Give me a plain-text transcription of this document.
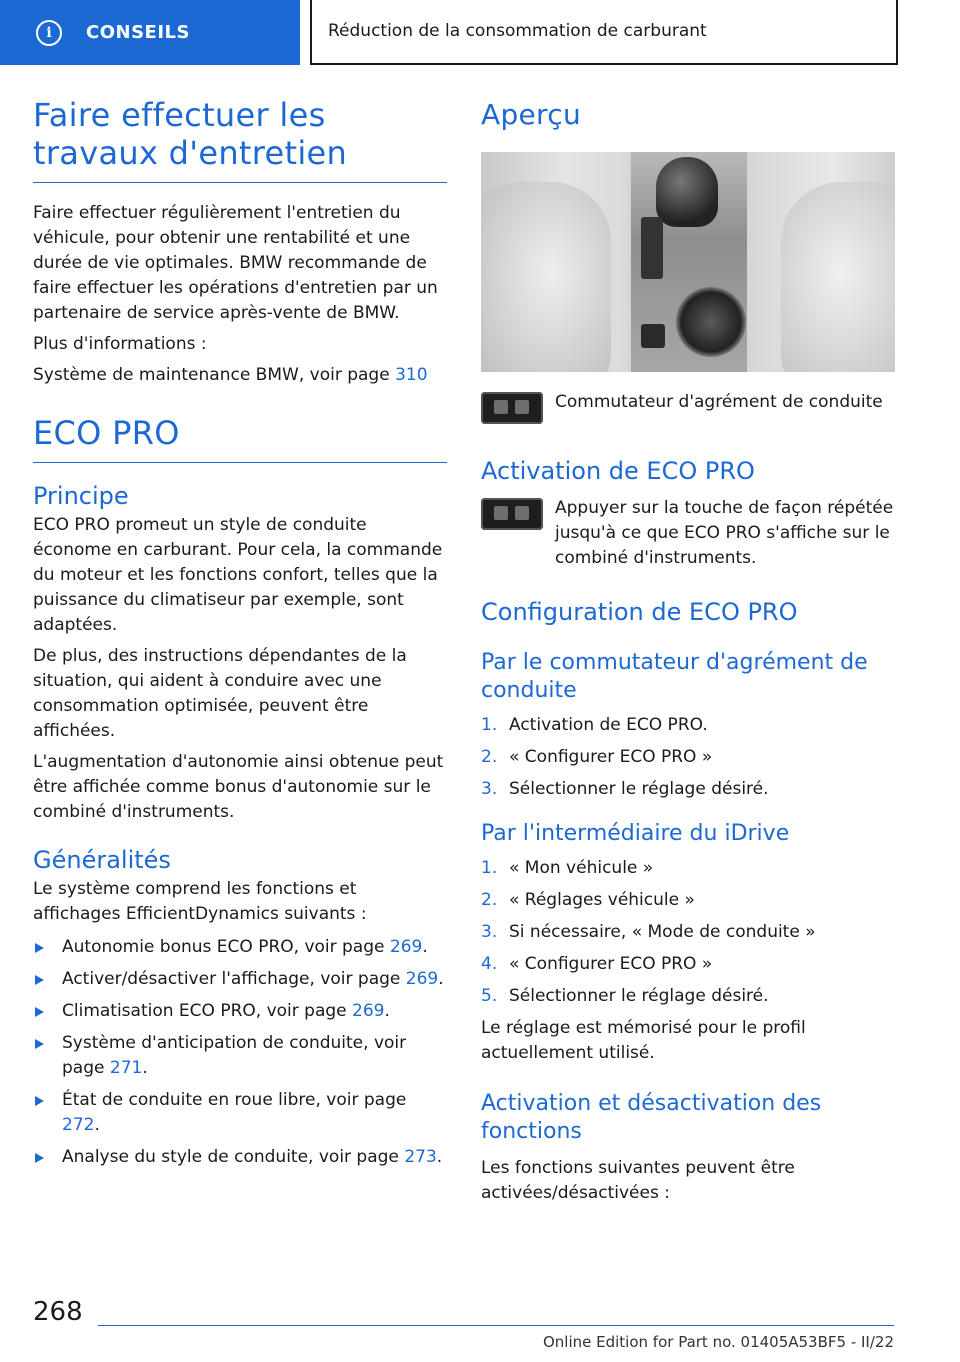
i	CONSEILS	Réduction de la consommation de carburant
Faire effectuer les travaux d'entretien

Faire effectuer régulièrement l'entretien du véhicule, pour obtenir une rentabilité et une durée de vie optimales. BMW recommande de faire effectuer les opérations d'entretien par un partenaire de service après-vente de BMW.

Plus d'informations :

Système de maintenance BMW, voir page 310

ECO PRO
Principe

ECO PRO promeut un style de conduite économe en carburant. Pour cela, la commande du moteur et les fonctions confort, telles que la puissance du climatiseur par exemple, sont adaptées.

De plus, des instructions dépendantes de la situation, qui aident à conduire avec une consommation optimisée, peuvent être affichées.

L'augmentation d'autonomie ainsi obtenue peut être affichée comme bonus d'autonomie sur le combiné d'instruments.

Généralités

Le système comprend les fonctions et affichages EfficientDynamics suivants :

Autonomie bonus ECO PRO, voir page 269.
Activer/désactiver l'affichage, voir page 269.
Climatisation ECO PRO, voir page 269.
Système d'anticipation de conduite, voir page 271.
État de conduite en roue libre, voir page 272.
Analyse du style de conduite, voir page 273.
Aperçu

Commutateur d'agrément de conduite

Activation de ECO PRO

Appuyer sur la touche de façon répétée jusqu'à ce que ECO PRO s'affiche sur le combiné d'instruments.

Configuration de ECO PRO
Par le commutateur d'agrément de conduite
1. Activation de ECO PRO.
2. « Configurer ECO PRO »
3. Sélectionner le réglage désiré.
Par l'intermédiaire du iDrive
1. « Mon véhicule »
2. « Réglages véhicule »
3. Si nécessaire, « Mode de conduite »
4. « Configurer ECO PRO »
5. Sélectionner le réglage désiré.

Le réglage est mémorisé pour le profil actuellement utilisé.

Activation et désactivation des fonctions

Les fonctions suivantes peuvent être activées/désactivées :

268
Online Edition for Part no. 01405A53BF5 - II/22
